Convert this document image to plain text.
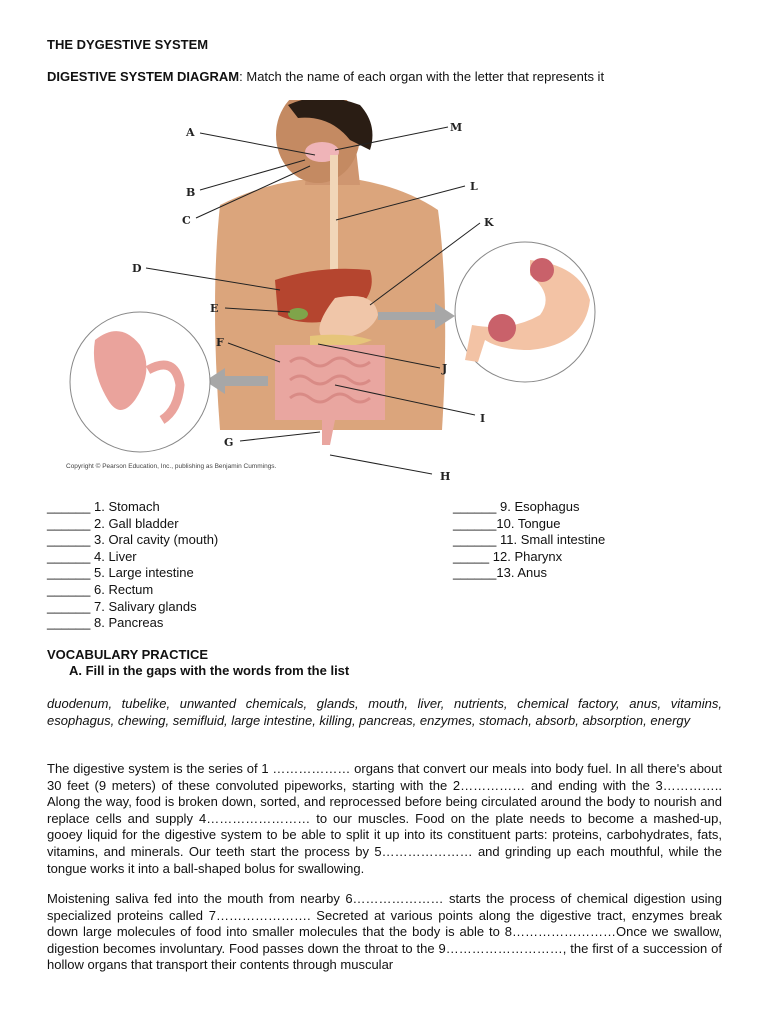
THE DYGESTIVE SYSTEM
DIGESTIVE SYSTEM DIAGRAM: Match the name of each organ with the letter that represents it
A
B
C
D
E
F
G
H
I
J
K
L
M
Copyright © Pearson Education, Inc., publishing as Benjamin Cummings.
______ 1. Stomach
______ 2. Gall bladder
______ 3. Oral cavity (mouth)
______ 4. Liver
______ 5. Large intestine
______ 6. Rectum
______ 7. Salivary glands
______ 8. Pancreas
______ 9. Esophagus
______10. Tongue
______ 11. Small intestine
_____ 12. Pharynx
______13. Anus
VOCABULARY PRACTICE
A. Fill in the gaps with the words from the list
duodenum, tubelike, unwanted chemicals, glands, mouth, liver, nutrients, chemical factory, anus, vitamins, esophagus, chewing, semifluid, large intestine, killing, pancreas, enzymes, stomach, absorb, absorption, energy
The digestive system is the series of 1 ……………… organs that convert our meals into body fuel. In all there's about 30 feet (9 meters) of these convoluted pipeworks, starting with the 2…………… and ending with the 3………….. Along the way, food is broken down, sorted, and reprocessed before being circulated around the body to nourish and replace cells and supply 4…………………… to our muscles. Food on the plate needs to become a mashed-up, gooey liquid for the digestive system to be able to split it up into its constituent parts: proteins, carbohydrates, fats, vitamins, and minerals. Our teeth start the process by 5………………… and grinding up each mouthful, while the tongue works it into a ball-shaped bolus for swallowing.
Moistening saliva fed into the mouth from nearby 6………………… starts the process of chemical digestion using specialized proteins called 7…………………. Secreted at various points along the digestive tract, enzymes break down large molecules of food into smaller molecules that the body is able to 8……………………Once we swallow, digestion becomes involuntary. Food passes down the throat to the 9………………………, the first of a succession of hollow organs that transport their contents through muscular
